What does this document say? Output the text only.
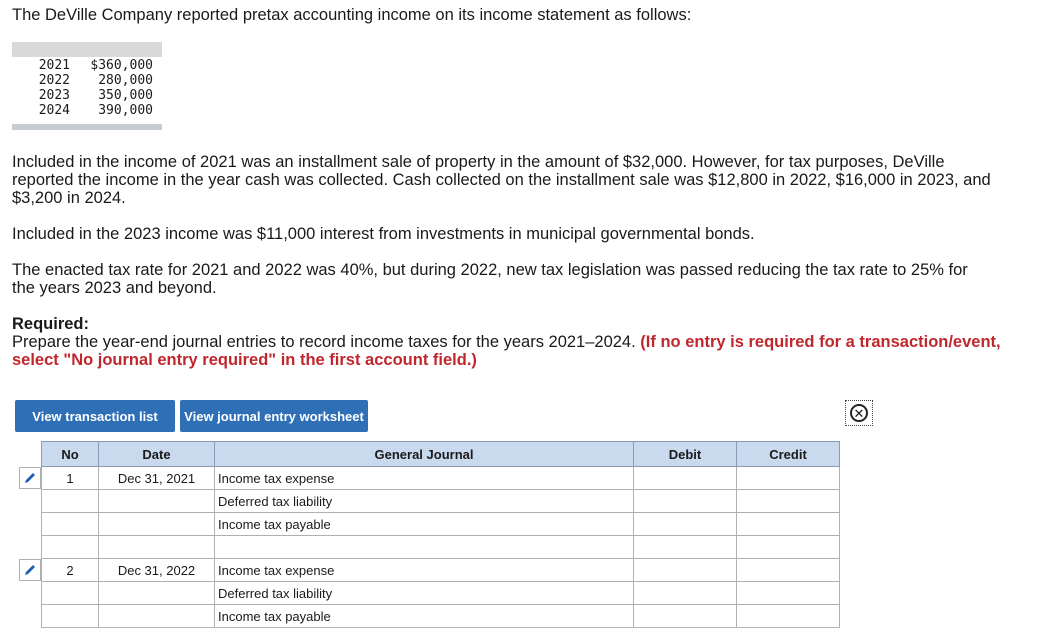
The DeVille Company reported pretax accounting income on its income statement as follows:

2021	$360,000
2022	280,000
2023	350,000
2024	390,000
Included in the income of 2021 was an installment sale of property in the amount of $32,000. However, for tax purposes, DeVille
reported the income in the year cash was collected. Cash collected on the installment sale was $12,800 in 2022, $16,000 in 2023, and
$3,200 in 2024.

Included in the 2023 income was $11,000 interest from investments in municipal governmental bonds.

The enacted tax rate for 2021 and 2022 was 40%, but during 2022, new tax legislation was passed reducing the tax rate to 25% for
the years 2023 and beyond.

Required:

Prepare the year-end journal entries to record income taxes for the years 2021–2024. (If no entry is required for a transaction/event,
select "No journal entry required" in the first account field.)
View transaction list	View journal entry worksheet	✕
No	Date	General Journal	Debit	Credit
1	Dec 31, 2021	Income tax expense		
		Deferred tax liability		
		Income tax payable		

2	Dec 31, 2022	Income tax expense		
		Deferred tax liability		
		Income tax payable		
